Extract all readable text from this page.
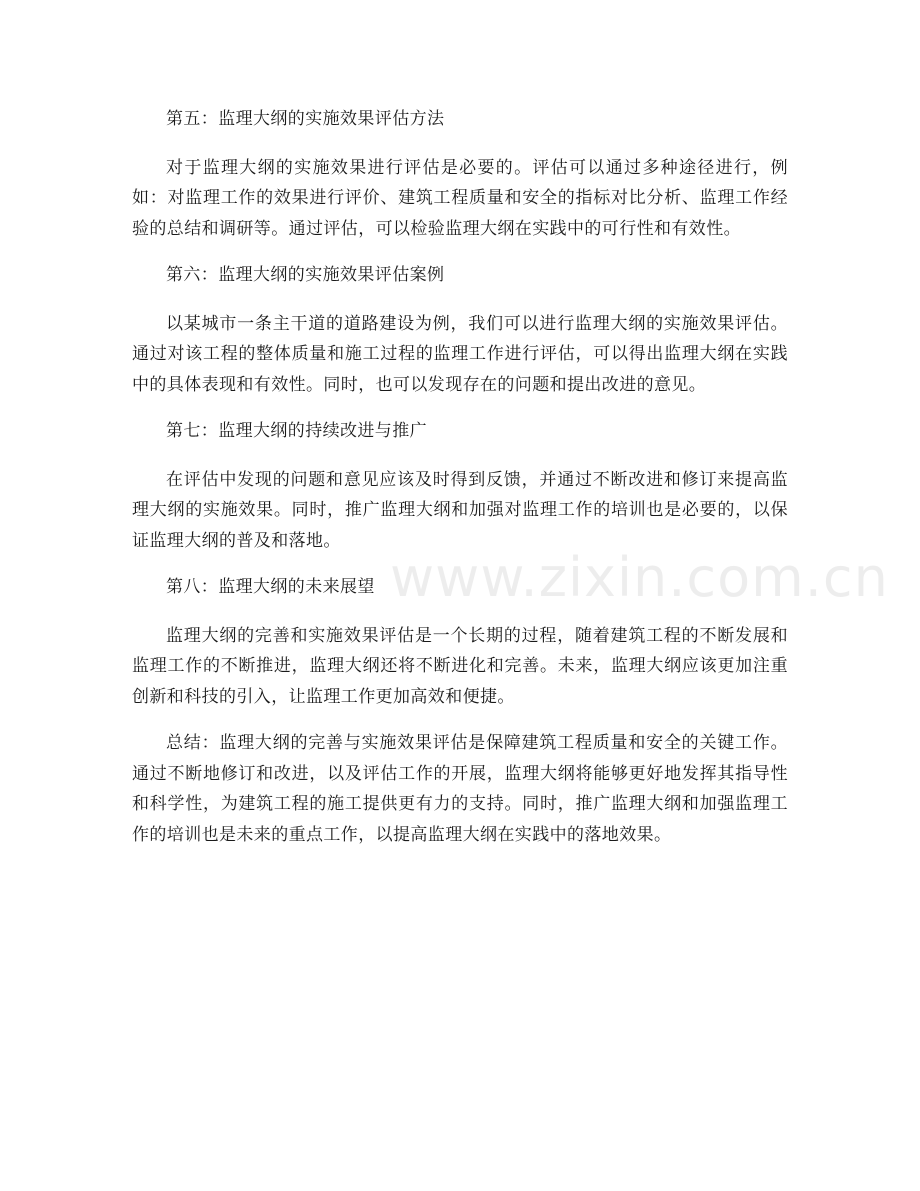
第五：监理大纲的实施效果评估方法

对于监理大纲的实施效果进行评估是必要的。评估可以通过多种途径进行，例如：对监理工作的效果进行评价、建筑工程质量和安全的指标对比分析、监理工作经验的总结和调研等。通过评估，可以检验监理大纲在实践中的可行性和有效性。

第六：监理大纲的实施效果评估案例

以某城市一条主干道的道路建设为例，我们可以进行监理大纲的实施效果评估。通过对该工程的整体质量和施工过程的监理工作进行评估，可以得出监理大纲在实践中的具体表现和有效性。同时，也可以发现存在的问题和提出改进的意见。

第七：监理大纲的持续改进与推广

在评估中发现的问题和意见应该及时得到反馈，并通过不断改进和修订来提高监理大纲的实施效果。同时，推广监理大纲和加强对监理工作的培训也是必要的，以保证监理大纲的普及和落地。

第八：监理大纲的未来展望

监理大纲的完善和实施效果评估是一个长期的过程，随着建筑工程的不断发展和监理工作的不断推进，监理大纲还将不断进化和完善。未来，监理大纲应该更加注重创新和科技的引入，让监理工作更加高效和便捷。

总结：监理大纲的完善与实施效果评估是保障建筑工程质量和安全的关键工作。通过不断地修订和改进，以及评估工作的开展，监理大纲将能够更好地发挥其指导性和科学性，为建筑工程的施工提供更有力的支持。同时，推广监理大纲和加强监理工作的培训也是未来的重点工作，以提高监理大纲在实践中的落地效果。

www.zixin.com.cn
